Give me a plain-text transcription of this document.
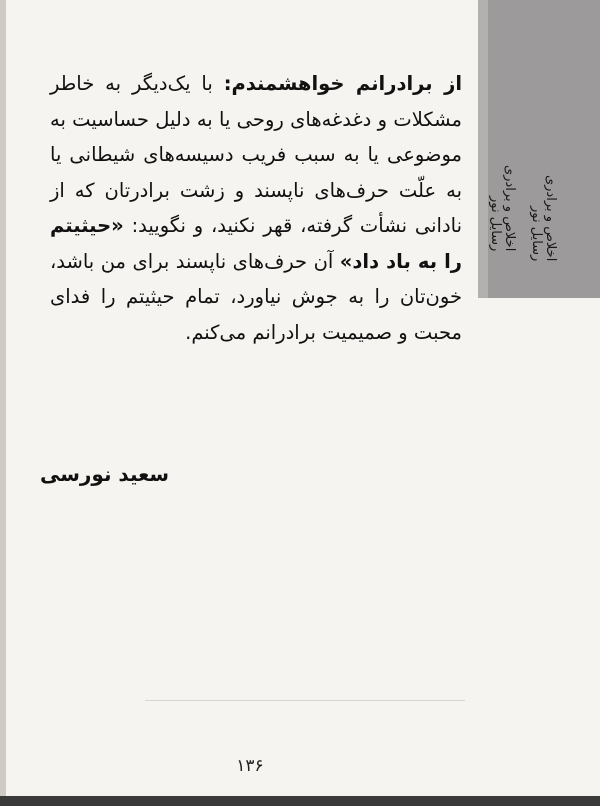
اخلاص و برادری
رسایل نور	اخلاص و برادری
رسایل نور
از برادرانم خواهشمندم: با یک‌دیگر به خاطر مشکلات و دغدغه‌های روحی یا به دلیل حساسیت به موضوعی یا به سبب فریب دسیسه‌های شیطانی یا به علّت حرف‌های ناپسند و زشت برادرتان که از نادانی نشأت گرفته، قهر نکنید، و نگویید: «حیثیتم را به باد داد» آن حرف‌های ناپسند برای من باشد، خون‌تان را به جوش نیاورد، تمام حیثیتم را فدای محبت و صمیمیت برادرانم می‌کنم.
سعید نورسی
۱۳۶
